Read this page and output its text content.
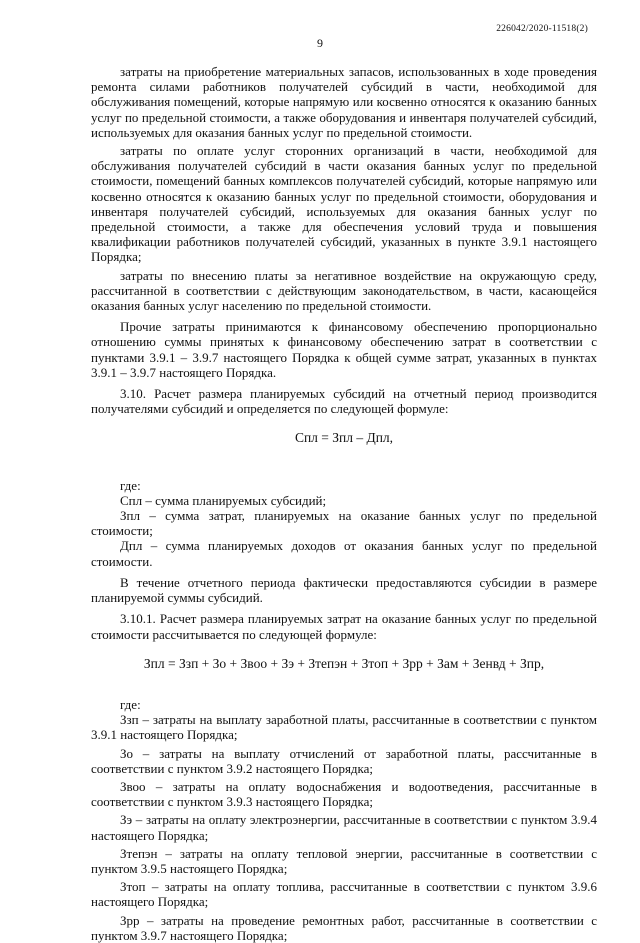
226042/2020-11518(2)
9

затраты на приобретение материальных запасов, использованных в ходе проведения ремонта силами работников получателей субсидий в части, необходимой для обслуживания помещений, которые напрямую или косвенно относятся к оказанию банных услуг по предельной стоимости, а также оборудования и инвентаря получателей субсидий, используемых для оказания банных услуг по предельной стоимости.

затраты по оплате услуг сторонних организаций в части, необходимой для обслуживания получателей субсидий в части оказания банных услуг по предельной стоимости, помещений банных комплексов получателей субсидий, которые напрямую или косвенно относятся к оказанию банных услуг по предельной стоимости, оборудования и инвентаря получателей субсидий, используемых для оказания банных услуг по предельной стоимости, а также для обеспечения условий труда и повышения квалификации работников получателей субсидий, указанных в пункте 3.9.1 настоящего Порядка;

затраты по внесению платы за негативное воздействие на окружающую среду, рассчитанной в соответствии с действующим законодательством, в части, касающейся оказания банных услуг населению по предельной стоимости.

Прочие затраты принимаются к финансовому обеспечению пропорционально отношению суммы принятых к финансовому обеспечению затрат в соответствии с пунктами 3.9.1 – 3.9.7 настоящего Порядка к общей сумме затрат, указанных в пунктах 3.9.1 – 3.9.7 настоящего Порядка.

3.10. Расчет размера планируемых субсидий на отчетный период производится получателями субсидий и определяется по следующей формуле:

Спл = Зпл – Дпл,

где:

Спл – сумма планируемых субсидий;

Зпл – сумма затрат, планируемых на оказание банных услуг по предельной стоимости;

Дпл – сумма планируемых доходов от оказания банных услуг по предельной стоимости.

В течение отчетного периода фактически предоставляются субсидии в размере планируемой суммы субсидий.

3.10.1. Расчет размера планируемых затрат на оказание банных услуг по предельной стоимости рассчитывается по следующей формуле:

Зпл = Ззп + Зо + Звоо + Зэ + Зтепэн + Зтоп + Зрр + Зам + Зенвд + Зпр,

где:

Ззп – затраты на выплату заработной платы, рассчитанные в соответствии с пунктом 3.9.1 настоящего Порядка;

Зо – затраты на выплату отчислений от заработной платы, рассчитанные в соответствии с пунктом 3.9.2 настоящего Порядка;

Звоо – затраты на оплату водоснабжения и водоотведения, рассчитанные в соответствии с пунктом 3.9.3 настоящего Порядка;

Зэ – затраты на оплату электроэнергии, рассчитанные в соответствии с пунктом 3.9.4 настоящего Порядка;

Зтепэн – затраты на оплату тепловой энергии, рассчитанные в соответствии с пунктом 3.9.5 настоящего Порядка;

Зтоп – затраты на оплату топлива, рассчитанные в соответствии с пунктом 3.9.6 настоящего Порядка;

Зрр – затраты на проведение ремонтных работ, рассчитанные в соответствии с пунктом 3.9.7 настоящего Порядка;
